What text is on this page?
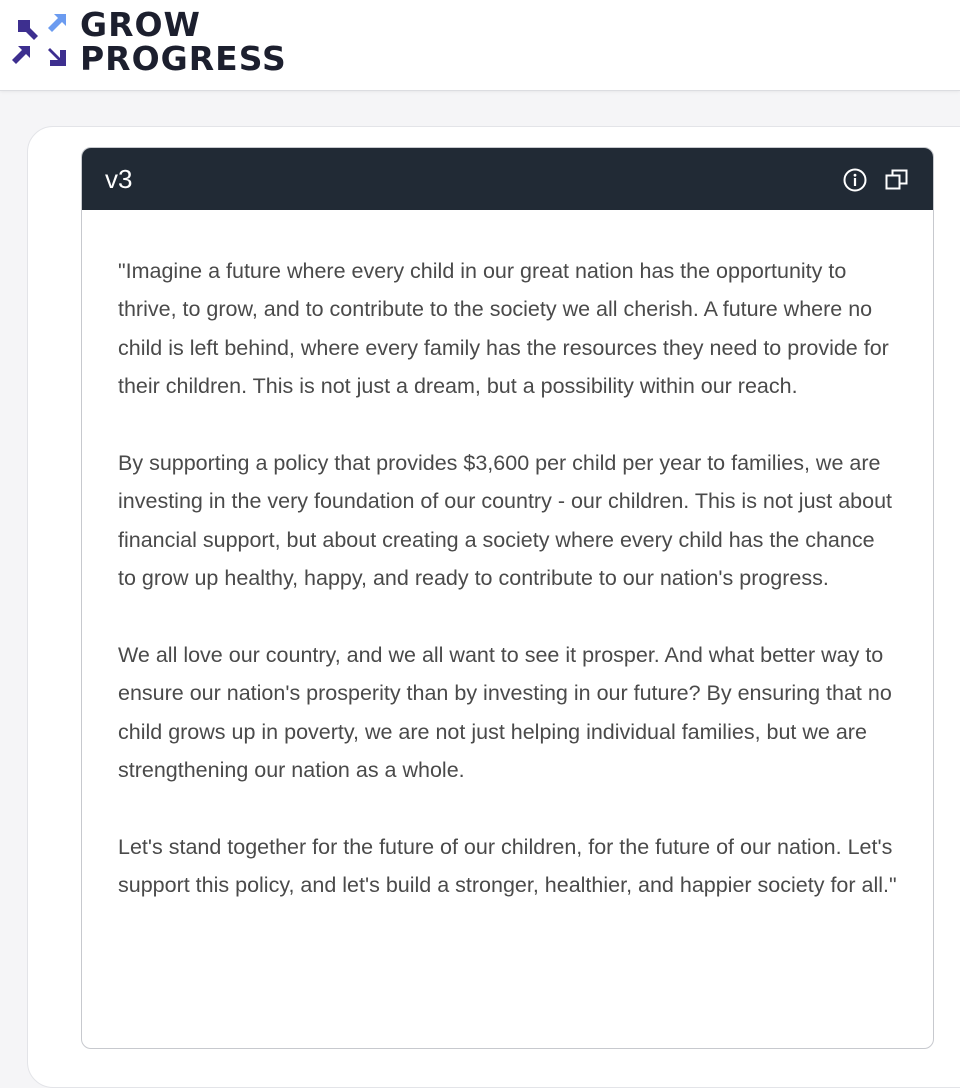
GROW
PROGRESS
v3

"Imagine a future where every child in our great nation has the opportunity to thrive, to grow, and to contribute to the society we all cherish. A future where no child is left behind, where every family has the resources they need to provide for their children. This is not just a dream, but a possibility within our reach.

By supporting a policy that provides $3,600 per child per year to families, we are investing in the very foundation of our country - our children. This is not just about financial support, but about creating a society where every child has the chance to grow up healthy, happy, and ready to contribute to our nation's progress.

We all love our country, and we all want to see it prosper. And what better way to ensure our nation's prosperity than by investing in our future? By ensuring that no child grows up in poverty, we are not just helping individual families, but we are strengthening our nation as a whole.

Let's stand together for the future of our children, for the future of our nation. Let's support this policy, and let's build a stronger, healthier, and happier society for all."
